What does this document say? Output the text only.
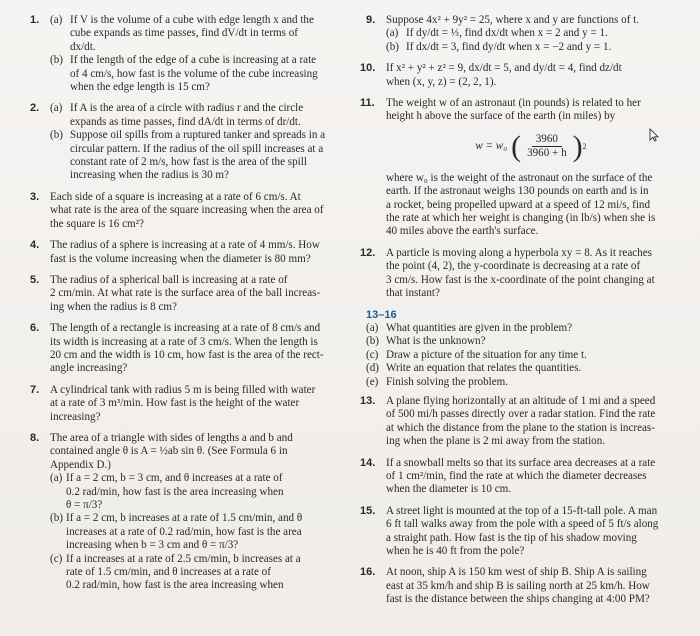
1. (a) If V is the volume of a cube with edge length x and the
cube expands as time passes, find dV/dt in terms of
dx/dt.
(b) If the length of the edge of a cube is increasing at a rate
of 4 cm/s, how fast is the volume of the cube increasing
when the edge length is 15 cm?
2. (a) If A is the area of a circle with radius r and the circle
expands as time passes, find dA/dt in terms of dr/dt.
(b) Suppose oil spills from a ruptured tanker and spreads in a
circular pattern. If the radius of the oil spill increases at a
constant rate of 2 m/s, how fast is the area of the spill
increasing when the radius is 30 m?
3. Each side of a square is increasing at a rate of 6 cm/s. At
what rate is the area of the square increasing when the area of
the square is 16 cm²?
4. The radius of a sphere is increasing at a rate of 4 mm/s. How
fast is the volume increasing when the diameter is 80 mm?
5. The radius of a spherical ball is increasing at a rate of
2 cm/min. At what rate is the surface area of the ball increas-
ing when the radius is 8 cm?
6. The length of a rectangle is increasing at a rate of 8 cm/s and
its width is increasing at a rate of 3 cm/s. When the length is
20 cm and the width is 10 cm, how fast is the area of the rect-
angle increasing?
7. A cylindrical tank with radius 5 m is being filled with water
at a rate of 3 m³/min. How fast is the height of the water
increasing?
8. The area of a triangle with sides of lengths a and b and
contained angle θ is A = ½ab sin θ. (See Formula 6 in
Appendix D.)
(a) If a = 2 cm, b = 3 cm, and θ increases at a rate of
0.2 rad/min, how fast is the area increasing when
θ = π/3?
(b) If a = 2 cm, b increases at a rate of 1.5 cm/min, and θ
increases at a rate of 0.2 rad/min, how fast is the area
increasing when b = 3 cm and θ = π/3?
(c) If a increases at a rate of 2.5 cm/min, b increases at a
rate of 1.5 cm/min, and θ increases at a rate of
0.2 rad/min, how fast is the area increasing when
9. Suppose 4x² + 9y² = 25, where x and y are functions of t.
(a) If dy/dt = ⅓, find dx/dt when x = 2 and y = 1.
(b) If dx/dt = 3, find dy/dt when x = −2 and y = 1.
10. If x² + y² + z² = 9, dx/dt = 5, and dy/dt = 4, find dz/dt
when (x, y, z) = (2, 2, 1).
11. The weight w of an astronaut (in pounds) is related to her
height h above the surface of the earth (in miles) by
w = w₀ ( $\frac{3960}{3960 + h}$ ) 2
where w₀ is the weight of the astronaut on the surface of the
earth. If the astronaut weighs 130 pounds on earth and is in
a rocket, being propelled upward at a speed of 12 mi/s, find
the rate at which her weight is changing (in lb/s) when she is
40 miles above the earth's surface.
12. A particle is moving along a hyperbola xy = 8. As it reaches
the point (4, 2), the y-coordinate is decreasing at a rate of
3 cm/s. How fast is the x-coordinate of the point changing at
that instant?
13–16
(a) What quantities are given in the problem?
(b) What is the unknown?
(c) Draw a picture of the situation for any time t.
(d) Write an equation that relates the quantities.
(e) Finish solving the problem.
13. A plane flying horizontally at an altitude of 1 mi and a speed
of 500 mi/h passes directly over a radar station. Find the rate
at which the distance from the plane to the station is increas-
ing when the plane is 2 mi away from the station.
14. If a snowball melts so that its surface area decreases at a rate
of 1 cm²/min, find the rate at which the diameter decreases
when the diameter is 10 cm.
15. A street light is mounted at the top of a 15-ft-tall pole. A man
6 ft tall walks away from the pole with a speed of 5 ft/s along
a straight path. How fast is the tip of his shadow moving
when he is 40 ft from the pole?
16. At noon, ship A is 150 km west of ship B. Ship A is sailing
east at 35 km/h and ship B is sailing north at 25 km/h. How
fast is the distance between the ships changing at 4:00 PM?
